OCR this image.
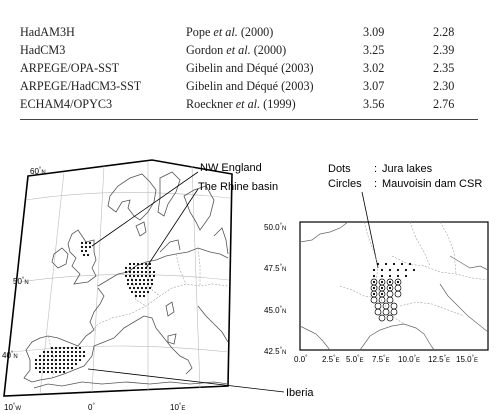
HadAM3H	Pope et al. (2000)	3.09	2.28
HadCM3	Gordon et al. (2000)	3.25	2.39
ARPEGE/OPA-SST	Gibelin and Déqué (2003)	3.02	2.35
ARPEGE/HadCM3-SST	Gibelin and Déqué (2003)	3.07	2.30
ECHAM4/OPYC3	Roeckner et al. (1999)	3.56	2.76
$60^\circ_N$
$50^\circ_N$
$40^\circ_N$
$10^\circ_W$	0°	$10^\circ_E$
NW England
The Rhine basin
Iberia
Dots : Jura lakes
Circles : Mauvoisin dam CSR
$50.0^\circ_N$
$47.5^\circ_N$
$45.0^\circ_N$
$42.5^\circ_N$
0.0° $2.5^\circ_E$ $5.0^\circ_E$ $7.5^\circ_E$ $10.0^\circ_E$ $12.5^\circ_E$ $15.0^\circ_E$
